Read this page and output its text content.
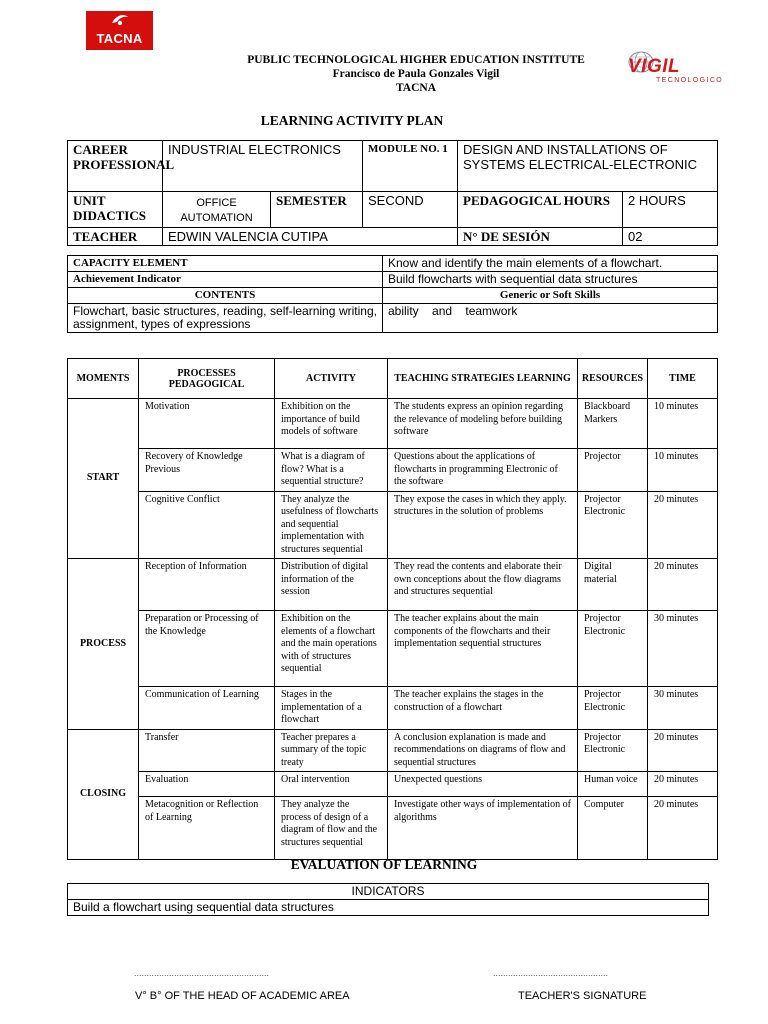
TACNA
VIGIL
TECNOLOGICO
PUBLIC TECHNOLOGICAL HIGHER EDUCATION INSTITUTE
Francisco de Paula Gonzales Vigil
TACNA
LEARNING ACTIVITY PLAN
CAREER PROFESSIONAL	INDUSTRIAL ELECTRONICS		MODULE NO. 1	DESIGN AND INSTALLATIONS OF SYSTEMS ELECTRICAL-ELECTRONIC	
UNIT DIDACTICS	OFFICE AUTOMATION	SEMESTER	SECOND	PEDAGOGICAL HOURS	2 HOURS
TEACHER	EDWIN VALENCIA CUTIPA			N° DE SESIÓN	02
CAPACITY ELEMENT	Know and identify the main elements of a flowchart.
Achievement Indicator	Build flowcharts with sequential data structures
CONTENTS	Generic or Soft Skills
Flowchart, basic structures, reading, self-learning writing, assignment, types of expressions	ability and teamwork
MOMENTS	PROCESSES PEDAGOGICAL	ACTIVITY	TEACHING STRATEGIES LEARNING	RESOURCES	TIME
START	Motivation	Exhibition on the importance of build models of software	The students express an opinion regarding the relevance of modeling before building software	Blackboard Markers	10 minutes
	Recovery of Knowledge Previous	What is a diagram of flow? What is a sequential structure?	Questions about the applications of flowcharts in programming Electronic of the software	Projector	10 minutes
	Cognitive Conflict	They analyze the usefulness of flowcharts and sequential implementation with structures sequential	They expose the cases in which they apply. structures in the solution of problems	Projector Electronic	20 minutes
PROCESS	Reception of Information	Distribution of digital information of the session	They read the contents and elaborate their own conceptions about the flow diagrams and structures sequential	Digital material	20 minutes
	Preparation or Processing of the Knowledge	Exhibition on the elements of a flowchart and the main operations with of structures sequential	The teacher explains about the main components of the flowcharts and their implementation sequential structures	Projector Electronic	30 minutes
	Communication of Learning	Stages in the implementation of a flowchart	The teacher explains the stages in the construction of a flowchart	Projector Electronic	30 minutes
CLOSING	Transfer	Teacher prepares a summary of the topic treaty	A conclusion explanation is made and recommendations on diagrams of flow and sequential structures	Projector Electronic	20 minutes
	Evaluation	Oral intervention	Unexpected questions	Human voice	20 minutes
	Metacognition or Reflection of Learning	They analyze the process of design of a diagram of flow and the structures sequential	Investigate other ways of implementation of algorithms	Computer	20 minutes
EVALUATION OF LEARNING
INDICATORS
Build a flowchart using sequential data structures
......................................................
V° B° OF THE HEAD OF ACADEMIC AREA
..............................................
TEACHER'S SIGNATURE
